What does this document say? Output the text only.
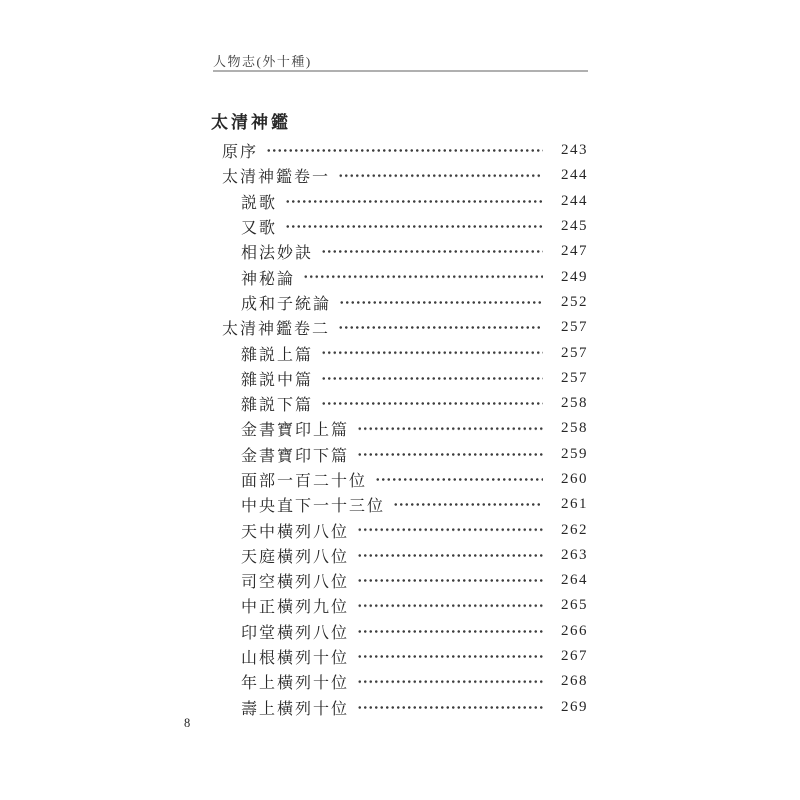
人物志(外十種)
太清神鑑
原序	243
太清神鑑卷一	244
説歌	244
又歌	245
相法妙訣	247
神秘論	249
成和子統論	252
太清神鑑卷二	257
雜説上篇	257
雜説中篇	257
雜説下篇	258
金書寶印上篇	258
金書寶印下篇	259
面部一百二十位	260
中央直下一十三位	261
天中橫列八位	262
天庭橫列八位	263
司空橫列八位	264
中正橫列九位	265
印堂橫列八位	266
山根橫列十位	267
年上橫列十位	268
壽上橫列十位	269
8
